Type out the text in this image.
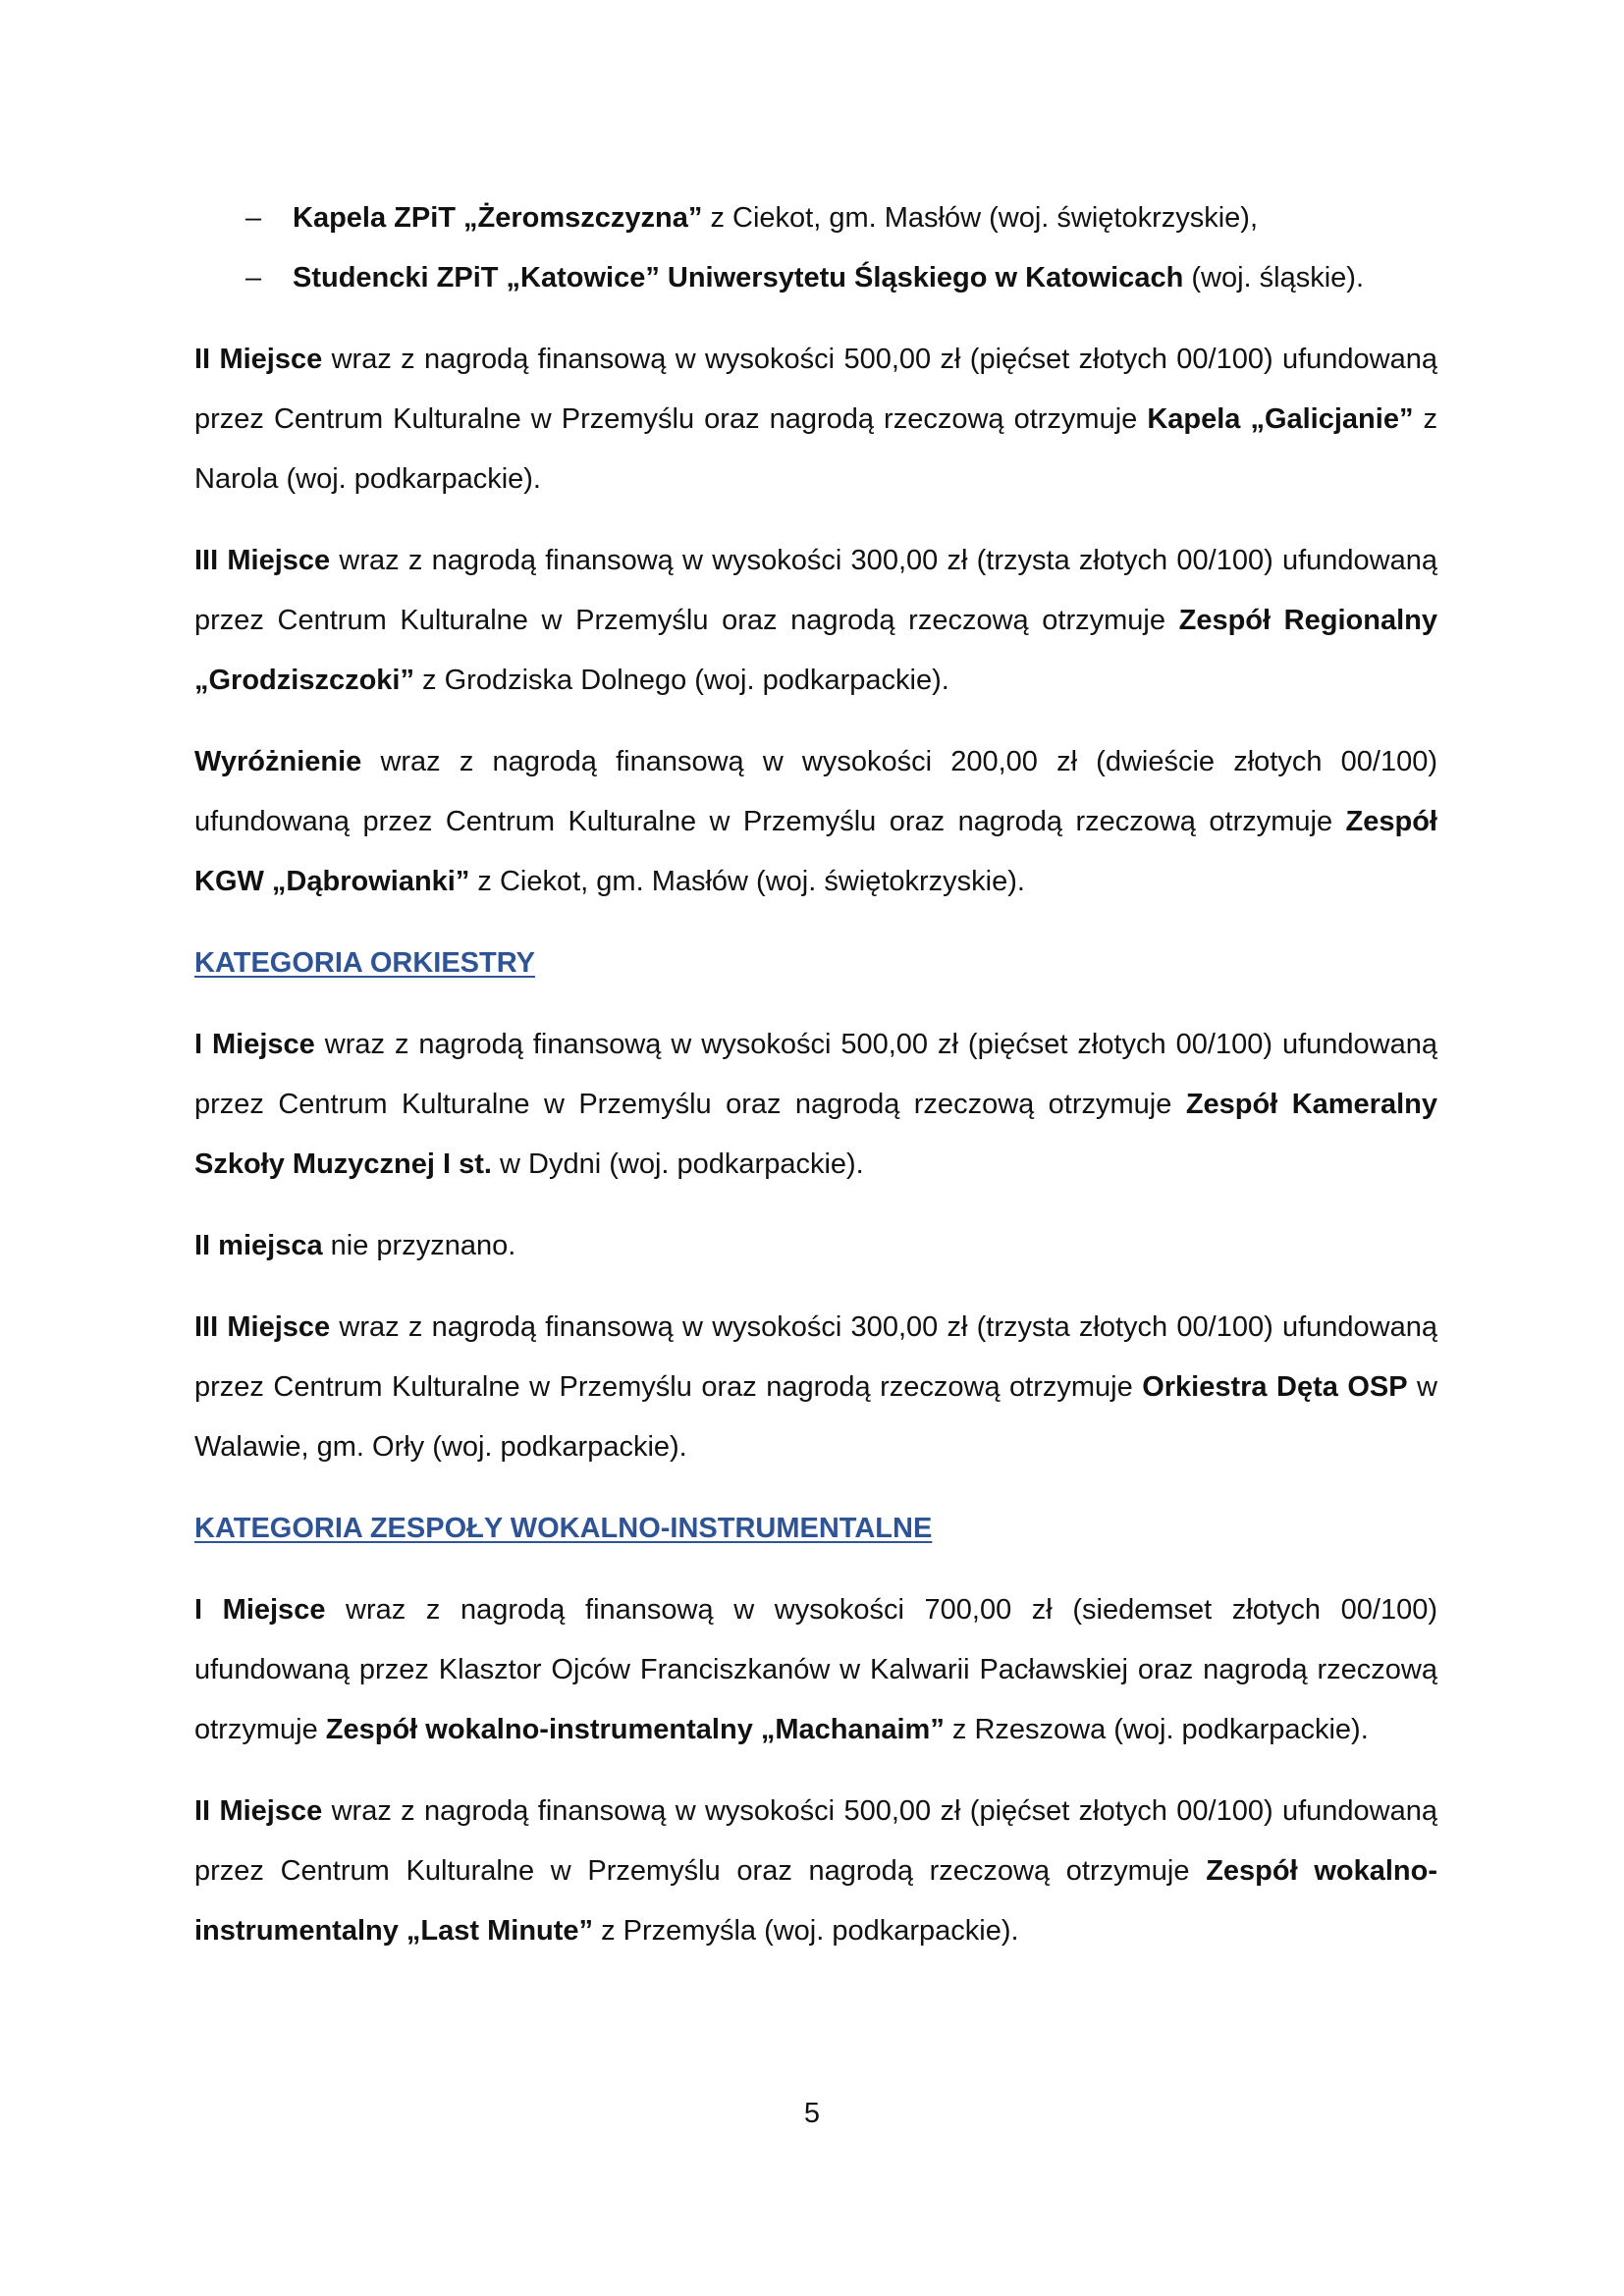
– Kapela ZPiT „Żeromszczyzna” z Ciekot, gm. Masłów (woj. świętokrzyskie),
– Studencki ZPiT „Katowice” Uniwersytetu Śląskiego w Katowicach (woj. śląskie).

II Miejsce wraz z nagrodą finansową w wysokości 500,00 zł (pięćset złotych 00/100) ufundowaną przez Centrum Kulturalne w Przemyślu oraz nagrodą rzeczową otrzymuje Kapela „Galicjanie” z Narola (woj. podkarpackie).

III Miejsce wraz z nagrodą finansową w wysokości 300,00 zł (trzysta złotych 00/100) ufundowaną przez Centrum Kulturalne w Przemyślu oraz nagrodą rzeczową otrzymuje Zespół Regionalny „Grodziszczoki” z Grodziska Dolnego (woj. podkarpackie).

Wyróżnienie wraz z nagrodą finansową w wysokości 200,00 zł (dwieście złotych 00/100) ufundowaną przez Centrum Kulturalne w Przemyślu oraz nagrodą rzeczową otrzymuje Zespół KGW „Dąbrowianki” z Ciekot, gm. Masłów (woj. świętokrzyskie).

KATEGORIA ORKIESTRY

I Miejsce wraz z nagrodą finansową w wysokości 500,00 zł (pięćset złotych 00/100) ufundowaną przez Centrum Kulturalne w Przemyślu oraz nagrodą rzeczową otrzymuje Zespół Kameralny Szkoły Muzycznej I st. w Dydni (woj. podkarpackie).

II miejsca nie przyznano.

III Miejsce wraz z nagrodą finansową w wysokości 300,00 zł (trzysta złotych 00/100) ufundowaną przez Centrum Kulturalne w Przemyślu oraz nagrodą rzeczową otrzymuje Orkiestra Dęta OSP w Walawie, gm. Orły (woj. podkarpackie).

KATEGORIA ZESPOŁY WOKALNO-INSTRUMENTALNE

I Miejsce wraz z nagrodą finansową w wysokości 700,00 zł (siedemset złotych 00/100) ufundowaną przez Klasztor Ojców Franciszkanów w Kalwarii Pacławskiej oraz nagrodą rzeczową otrzymuje Zespół wokalno-instrumentalny „Machanaim” z Rzeszowa (woj. podkarpackie).

II Miejsce wraz z nagrodą finansową w wysokości 500,00 zł (pięćset złotych 00/100) ufundowaną przez Centrum Kulturalne w Przemyślu oraz nagrodą rzeczową otrzymuje Zespół wokalno-instrumentalny „Last Minute” z Przemyśla (woj. podkarpackie).

5
